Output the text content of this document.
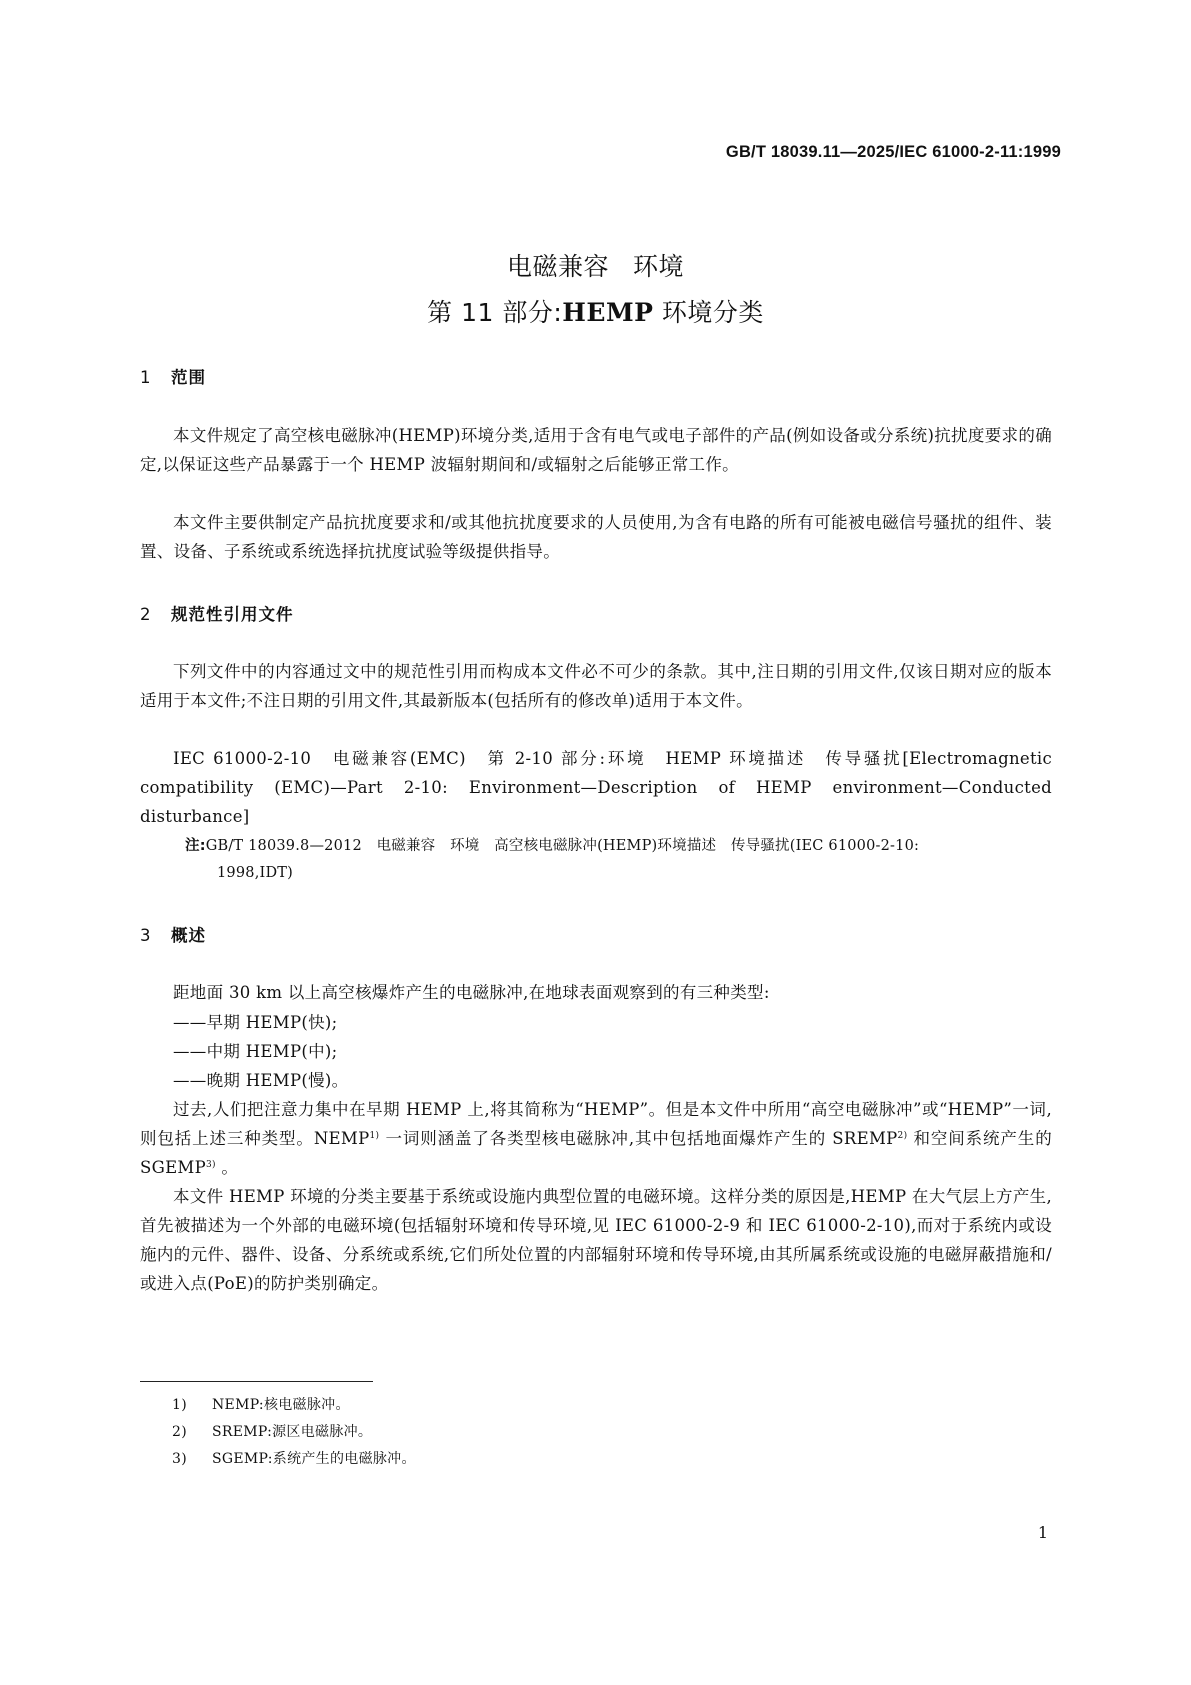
GB/T 18039.11—2025/IEC 61000-2-11:1999
电磁兼容 环境
第 11 部分:HEMP 环境分类
1 范围
本文件规定了高空核电磁脉冲(HEMP)环境分类,适用于含有电气或电子部件的产品(例如设备或分系统)抗扰度要求的确定,以保证这些产品暴露于一个 HEMP 波辐射期间和/或辐射之后能够正常工作。
本文件主要供制定产品抗扰度要求和/或其他抗扰度要求的人员使用,为含有电路的所有可能被电磁信号骚扰的组件、装置、设备、子系统或系统选择抗扰度试验等级提供指导。
2 规范性引用文件
下列文件中的内容通过文中的规范性引用而构成本文件必不可少的条款。其中,注日期的引用文件,仅该日期对应的版本适用于本文件;不注日期的引用文件,其最新版本(包括所有的修改单)适用于本文件。
IEC 61000-2-10　电磁兼容(EMC)　第 2-10 部分:环境　HEMP 环境描述　传导骚扰[Electromagnetic compatibility (EMC)—Part 2-10: Environment—Description of HEMP environment—Conducted disturbance]
注:GB/T 18039.8—2012　电磁兼容　环境　高空核电磁脉冲(HEMP)环境描述　传导骚扰(IEC 61000-2-10:
1998,IDT)
3 概述
距地面 30 km 以上高空核爆炸产生的电磁脉冲,在地球表面观察到的有三种类型:
——早期 HEMP(快);
——中期 HEMP(中);
——晚期 HEMP(慢)。
过去,人们把注意力集中在早期 HEMP 上,将其简称为“HEMP”。但是本文件中所用“高空电磁脉冲”或“HEMP”一词,则包括上述三种类型。NEMP$^{1)}$ 一词则涵盖了各类型核电磁脉冲,其中包括地面爆炸产生的 SREMP$^{2)}$ 和空间系统产生的 SGEMP$^{3)}$ 。
本文件 HEMP 环境的分类主要基于系统或设施内典型位置的电磁环境。这样分类的原因是,HEMP 在大气层上方产生,首先被描述为一个外部的电磁环境(包括辐射环境和传导环境,见 IEC 61000-2-9 和 IEC 61000-2-10),而对于系统内或设施内的元件、器件、设备、分系统或系统,它们所处位置的内部辐射环境和传导环境,由其所属系统或设施的电磁屏蔽措施和/或进入点(PoE)的防护类别确定。
1) NEMP:核电磁脉冲。
2) SREMP:源区电磁脉冲。
3) SGEMP:系统产生的电磁脉冲。
1
